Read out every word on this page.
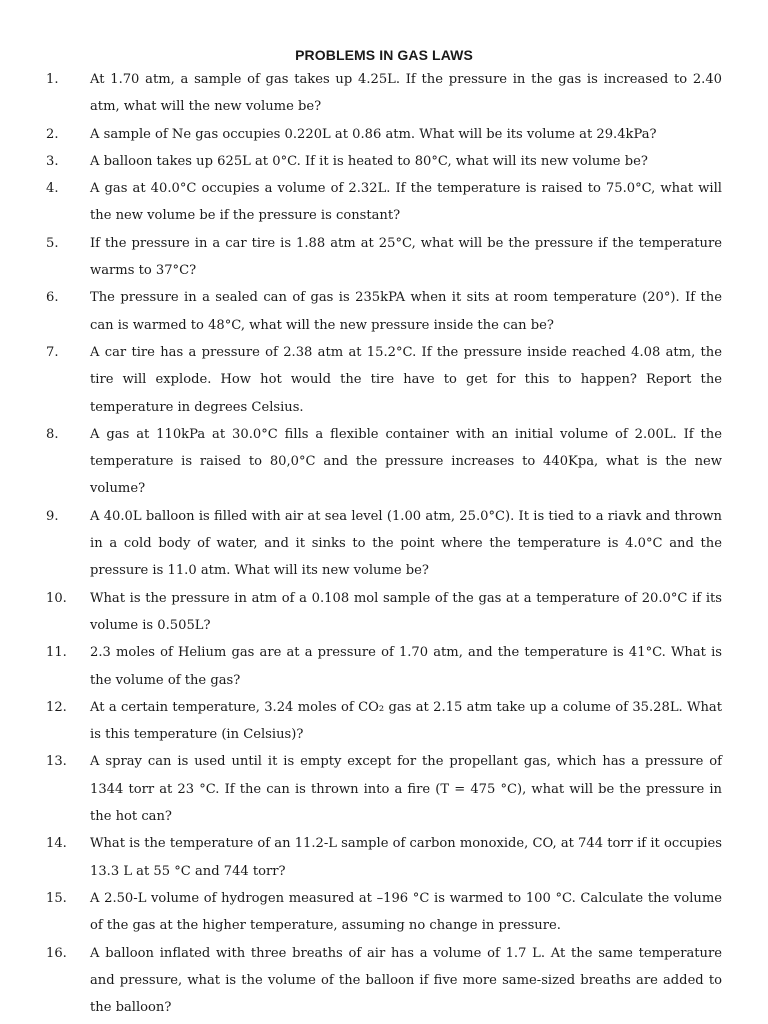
PROBLEMS IN GAS LAWS
1.	At 1.70 atm, a sample of gas takes up 4.25L. If the pressure in the gas is increased to 2.40 atm, what will the new volume be?
2.	A sample of Ne gas occupies 0.220L at 0.86 atm. What will be its volume at 29.4kPa?
3.	A balloon takes up 625L at 0°C. If it is heated to 80°C, what will its new volume be?
4.	A gas at 40.0°C occupies a volume of 2.32L. If the temperature is raised to 75.0°C, what will the new volume be if the pressure is constant?
5.	If the pressure in a car tire is 1.88 atm at 25°C, what will be the pressure if the temperature warms to 37°C?
6.	The pressure in a sealed can of gas is 235kPA when it sits at room temperature (20°). If the can is warmed to 48°C, what will the new pressure inside the can be?
7.	A car tire has a pressure of 2.38 atm at 15.2°C. If the pressure inside reached 4.08 atm, the tire will explode. How hot would the tire have to get for this to happen? Report the temperature in degrees Celsius.
8.	A gas at 110kPa at 30.0°C fills a flexible container with an initial volume of 2.00L. If the temperature is raised to 80,0°C and the pressure increases to 440Kpa, what is the new volume?
9.	A 40.0L balloon is filled with air at sea level (1.00 atm, 25.0°C). It is tied to a riavk and thrown in a cold body of water, and it sinks to the point where the temperature is 4.0°C and the pressure is 11.0 atm. What will its new volume be?
10.	What is the pressure in atm of a 0.108 mol sample of the gas at a temperature of 20.0°C if its volume is 0.505L?
11.	2.3 moles of Helium gas are at a pressure of 1.70 atm, and the temperature is 41°C. What is the volume of the gas?
12.	At a certain temperature, 3.24 moles of CO₂ gas at 2.15 atm take up a colume of 35.28L. What is this temperature (in Celsius)?
13.	A spray can is used until it is empty except for the propellant gas, which has a pressure of 1344 torr at 23 °C. If the can is thrown into a fire (T = 475 °C), what will be the pressure in the hot can?
14.	What is the temperature of an 11.2-L sample of carbon monoxide, CO, at 744 torr if it occupies 13.3 L at 55 °C and 744 torr?
15.	A 2.50-L volume of hydrogen measured at –196 °C is warmed to 100 °C. Calculate the volume of the gas at the higher temperature, assuming no change in pressure.
16.	A balloon inflated with three breaths of air has a volume of 1.7 L. At the same temperature and pressure, what is the volume of the balloon if five more same-sized breaths are added to the balloon?
